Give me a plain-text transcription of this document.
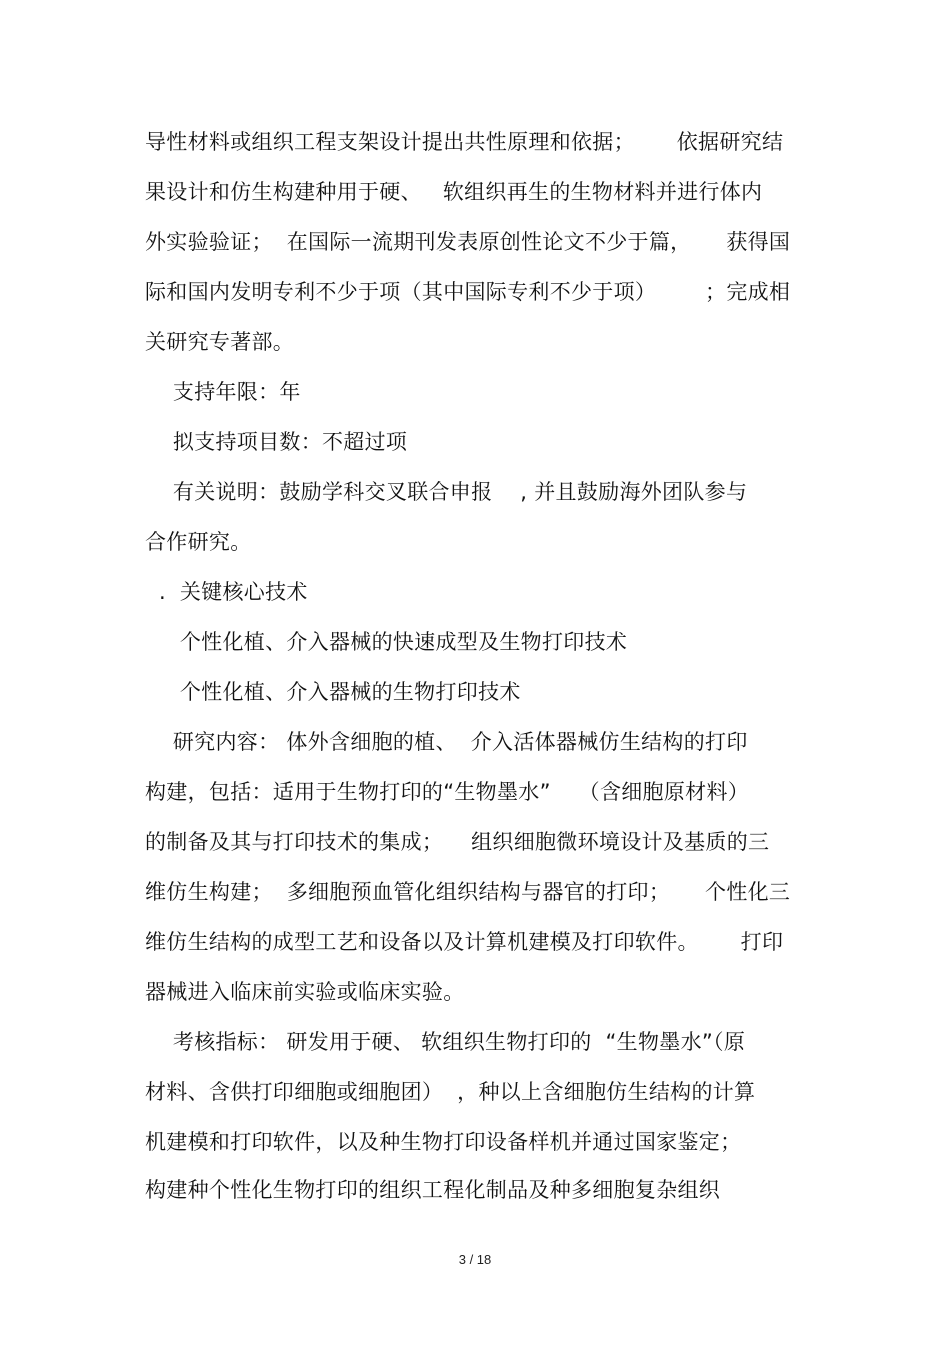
导性材料或组织工程支架设计提出共性原理和依据；      依据研究结
果设计和仿生构建种用于硬、   软组织再生的生物材料并进行体内
外实验验证；  在国际一流期刊发表原创性论文不少于篇，     获得国
际和国内发明专利不少于项（其中国际专利不少于项）       ；完成相
关研究专著部。
支持年限：年
拟支持项目数：不超过项
有关说明：鼓励学科交叉联合申报    , 并且鼓励海外团队参与
合作研究。
.  关键核心技术
个性化植、介入器械的快速成型及生物打印技术
个性化植、介入器械的生物打印技术
研究内容： 体外含细胞的植、  介入活体器械仿生结构的打印
构建，包括：适用于生物打印的“生物墨水”    （含细胞原材料）
的制备及其与打印技术的集成；    组织细胞微环境设计及基质的三
维仿生构建；  多细胞预血管化组织结构与器官的打印；     个性化三
维仿生结构的成型工艺和设备以及计算机建模及打印软件。      打印
器械进入临床前实验或临床实验。
考核指标： 研发用于硬、 软组织生物打印的  “生物墨水”（原
材料、含供打印细胞或细胞团）  ，种以上含细胞仿生结构的计算
机建模和打印软件，以及种生物打印设备样机并通过国家鉴定；
构建种个性化生物打印的组织工程化制品及种多细胞复杂组织
3 / 18
